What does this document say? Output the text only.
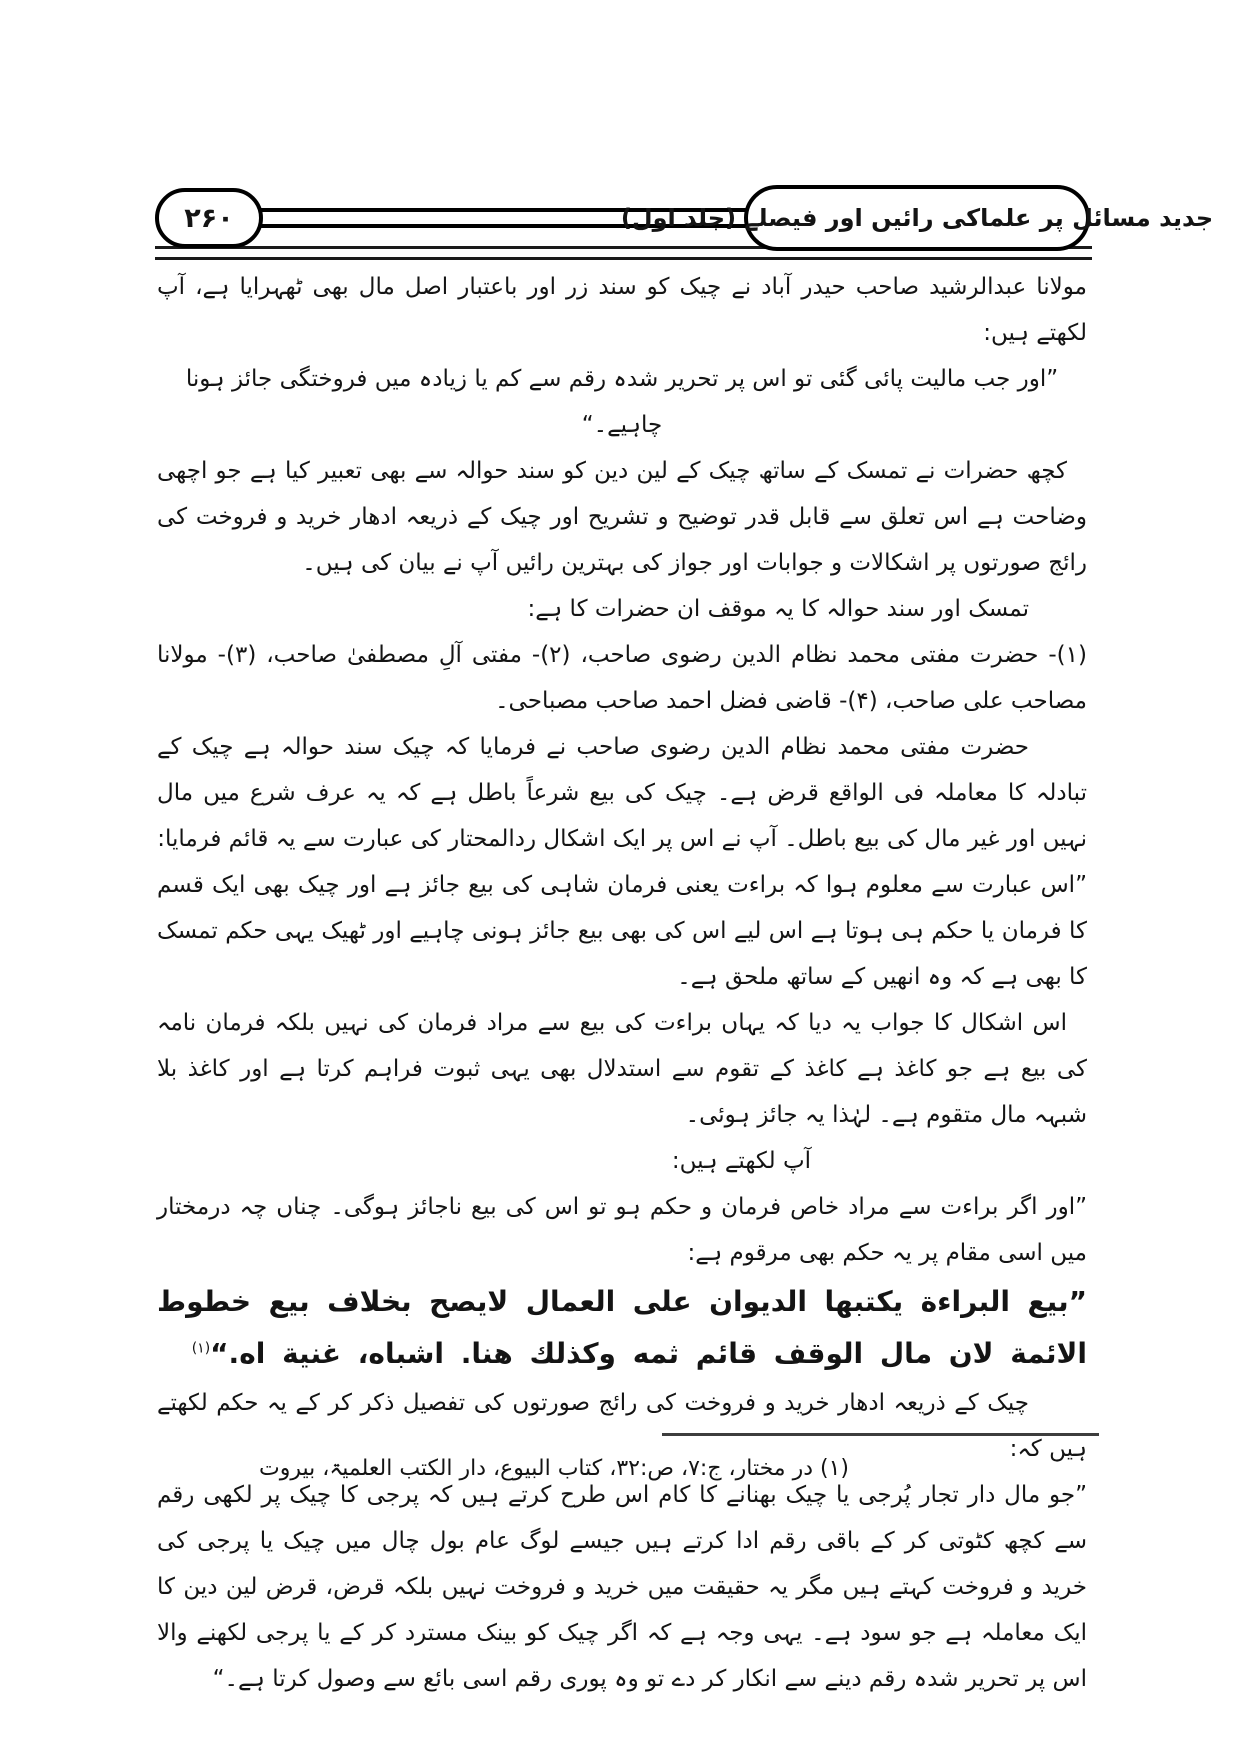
۲۶۰	جدید مسائل پر علماکی رائیں اور فیصلے (جلد اول)

مولانا عبدالرشید صاحب حیدر آباد نے چیک کو سند زر اور باعتبار اصل مال بھی ٹھہرایا ہے، آپ لکھتے ہیں:

”اور جب مالیت پائی گئی تو اس پر تحریر شدہ رقم سے کم یا زیادہ میں فروختگی جائز ہونا چاہیے۔“

کچھ حضرات نے تمسک کے ساتھ چیک کے لین دین کو سند حوالہ سے بھی تعبیر کیا ہے جو اچھی وضاحت ہے اس تعلق سے قابل قدر توضیح و تشریح اور چیک کے ذریعہ ادھار خرید و فروخت کی رائج صورتوں پر اشکالات و جوابات اور جواز کی بہترین رائیں آپ نے بیان کی ہیں۔

تمسک اور سند حوالہ کا یہ موقف ان حضرات کا ہے:

(۱)- حضرت مفتی محمد نظام الدین رضوی صاحب، (۲)- مفتی آلِ مصطفیٰ صاحب، (۳)- مولانا مصاحب علی صاحب، (۴)- قاضی فضل احمد صاحب مصباحی۔

حضرت مفتی محمد نظام الدین رضوی صاحب نے فرمایا کہ چیک سند حوالہ ہے چیک کے تبادلہ کا معاملہ فی الواقع قرض ہے۔ چیک کی بیع شرعاً باطل ہے کہ یہ عرف شرع میں مال نہیں اور غیر مال کی بیع باطل۔ آپ نے اس پر ایک اشکال ردالمحتار کی عبارت سے یہ قائم فرمایا:

”اس عبارت سے معلوم ہوا کہ براءت یعنی فرمان شاہی کی بیع جائز ہے اور چیک بھی ایک قسم کا فرمان یا حکم ہی ہوتا ہے اس لیے اس کی بھی بیع جائز ہونی چاہیے اور ٹھیک یہی حکم تمسک کا بھی ہے کہ وہ انھیں کے ساتھ ملحق ہے۔

اس اشکال کا جواب یہ دیا کہ یہاں براءت کی بیع سے مراد فرمان کی نہیں بلکہ فرمان نامہ کی بیع ہے جو کاغذ ہے کاغذ کے تقوم سے استدلال بھی یہی ثبوت فراہم کرتا ہے اور کاغذ بلا شبہہ مال متقوم ہے۔ لہٰذا یہ جائز ہوئی۔

آپ لکھتے ہیں:

”اور اگر براءت سے مراد خاص فرمان و حکم ہو تو اس کی بیع ناجائز ہوگی۔ چناں چہ درمختار میں اسی مقام پر یہ حکم بھی مرقوم ہے:

”بيع البراءة يكتبها الديوان على العمال لايصح بخلاف بيع خطوط الائمة لان مال الوقف قائم ثمه وكذلك هنا. اشباه، غنية اه.“$^{(۱)}$

چیک کے ذریعہ ادھار خرید و فروخت کی رائج صورتوں کی تفصیل ذکر کر کے یہ حکم لکھتے ہیں کہ:

”جو مال دار تجار پُرجی یا چیک بھنانے کا کام اس طرح کرتے ہیں کہ پرجی کا چیک پر لکھی رقم سے کچھ کٹوتی کر کے باقی رقم ادا کرتے ہیں جیسے لوگ عام بول چال میں چیک یا پرجی کی خرید و فروخت کہتے ہیں مگر یہ حقیقت میں خرید و فروخت نہیں بلکہ قرض، قرض لین دین کا ایک معاملہ ہے جو سود ہے۔ یہی وجہ ہے کہ اگر چیک کو بینک مسترد کر کے یا پرجی لکھنے والا اس پر تحریر شدہ رقم دینے سے انکار کر دے تو وہ پوری رقم اسی بائع سے وصول کرتا ہے۔“

(۱) در مختار، ج:۷، ص:۳۲، کتاب البیوع، دار الکتب العلمیۃ، بیروت
